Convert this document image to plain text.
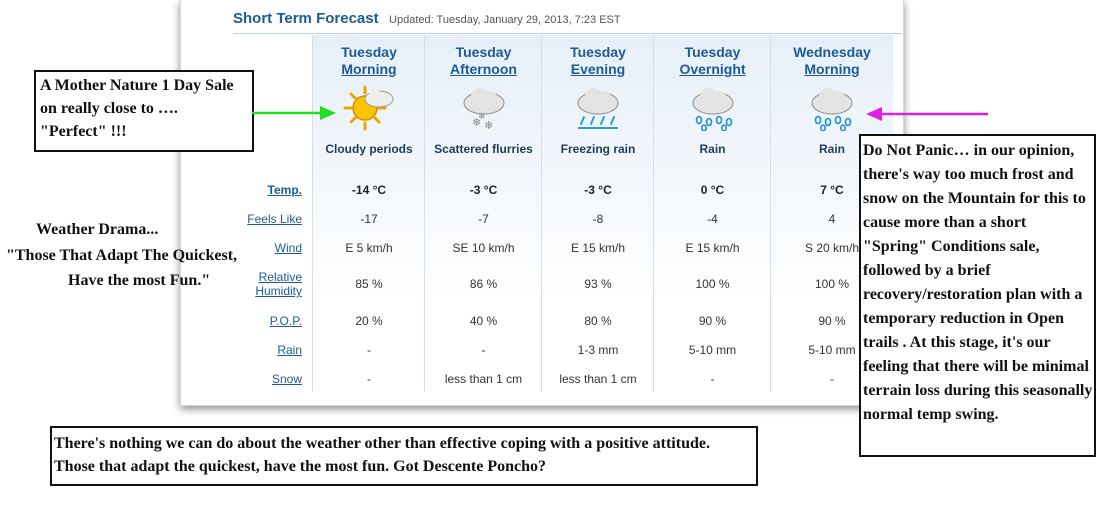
Short Term Forecast Updated: Tuesday, January 29, 2013, 7:23 EST
Temp.
Feels Like
Wind
Relative Humidity
P.O.P.
Rain
Snow
Tuesday
Morning
Cloudy periods
-14 °C
-17
E 5 km/h
85 %
20 %
-
-
Tuesday
Afternoon
❄ ❄
❄
Scattered flurries
-3 °C
-7
SE 10 km/h
86 %
40 %
-
less than 1 cm
Tuesday
Evening
Freezing rain
-3 °C
-8
E 15 km/h
93 %
80 %
1-3 mm
less than 1 cm
Tuesday
Overnight
Rain
0 °C
-4
E 15 km/h
100 %
90 %
5-10 mm
-
Wednesday
Morning
Rain
7 °C
4
S 20 km/h
100 %
90 %
5-10 mm
-
A Mother Nature 1 Day Sale on really close to …. "Perfect" !!!
Weather Drama...
"Those That Adapt The Quickest,
Have the most Fun."
Do Not Panic… in our opinion, there's way too much frost and snow on the Mountain for this to cause more than a short "Spring" Conditions sale, followed by a brief recovery/restoration plan with a temporary reduction in Open trails . At this stage, it's our feeling that there will be minimal terrain loss during this seasonally normal temp swing.
There's nothing we can do about the weather other than effective coping with a positive attitude. Those that adapt the quickest, have the most fun. Got Descente Poncho?
